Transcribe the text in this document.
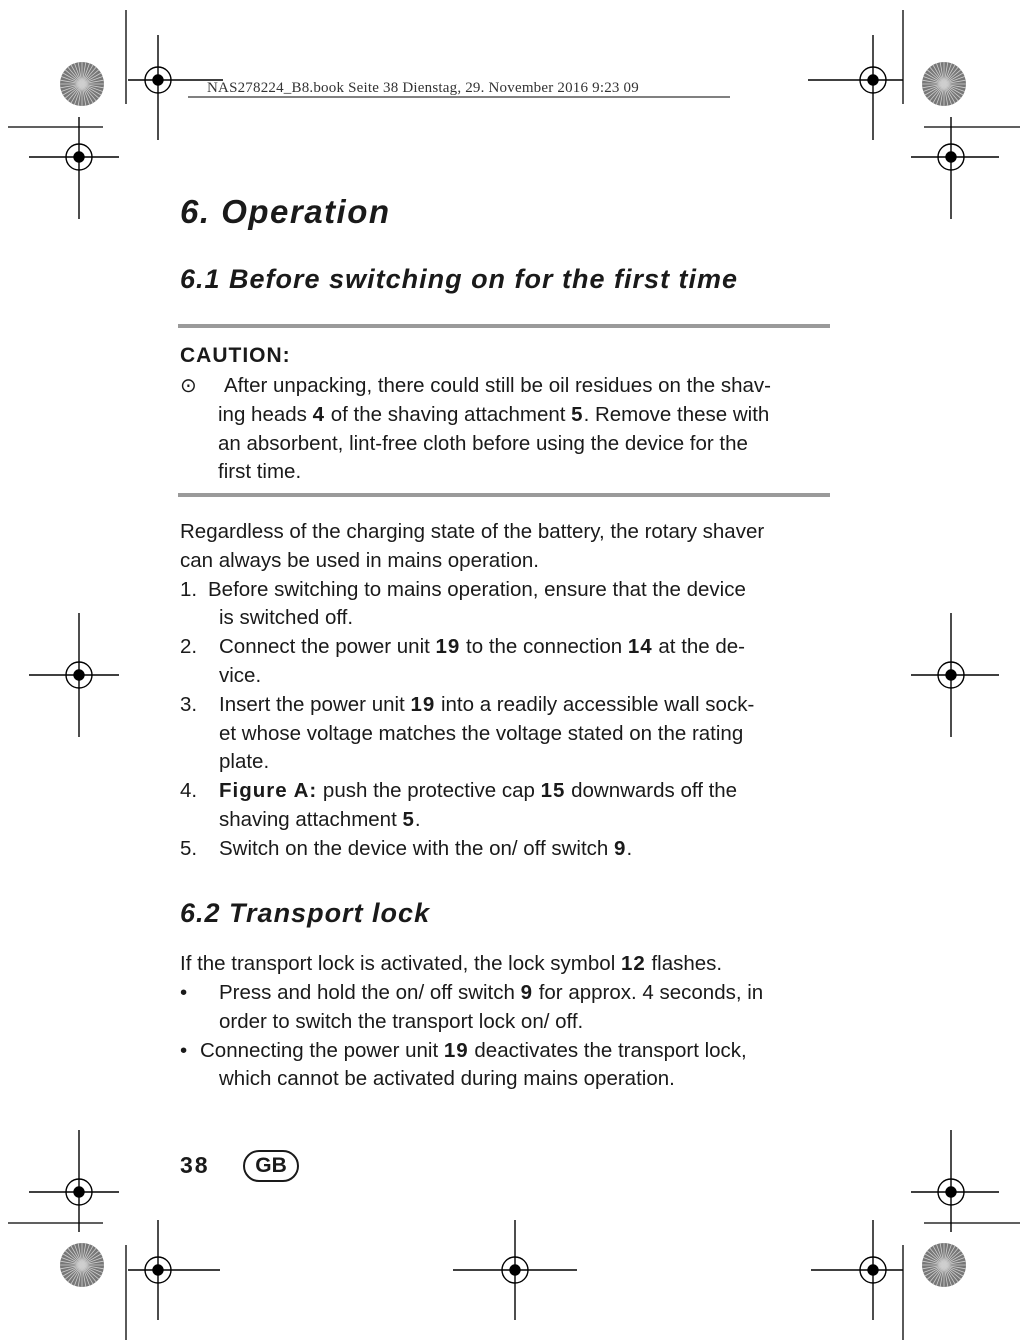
NAS278224_B8.book Seite 38 Dienstag, 29. November 2016 9:23 09
6. Operation
6.1 Before switching on for the first time
CAUTION:
⊙ After unpacking, there could still be oil residues on the shav-
ing heads 4 of the shaving attachment 5. Remove these with
an absorbent, lint-free cloth before using the device for the
first time.
Regardless of the charging state of the battery, the rotary shaver
can always be used in mains operation.
1. Before switching to mains operation, ensure that the device
is switched off.
2. Connect the power unit 19 to the connection 14 at the de-
vice.
3. Insert the power unit 19 into a readily accessible wall sock-
et whose voltage matches the voltage stated on the rating
plate.
4. Figure A: push the protective cap 15 downwards off the
shaving attachment 5.
5. Switch on the device with the on/ off switch 9.
6.2 Transport lock
If the transport lock is activated, the lock symbol 12 flashes.
• Press and hold the on/ off switch 9 for approx. 4 seconds, in
order to switch the transport lock on/ off.
• Connecting the power unit 19 deactivates the transport lock,
which cannot be activated during mains operation.
38	GB
